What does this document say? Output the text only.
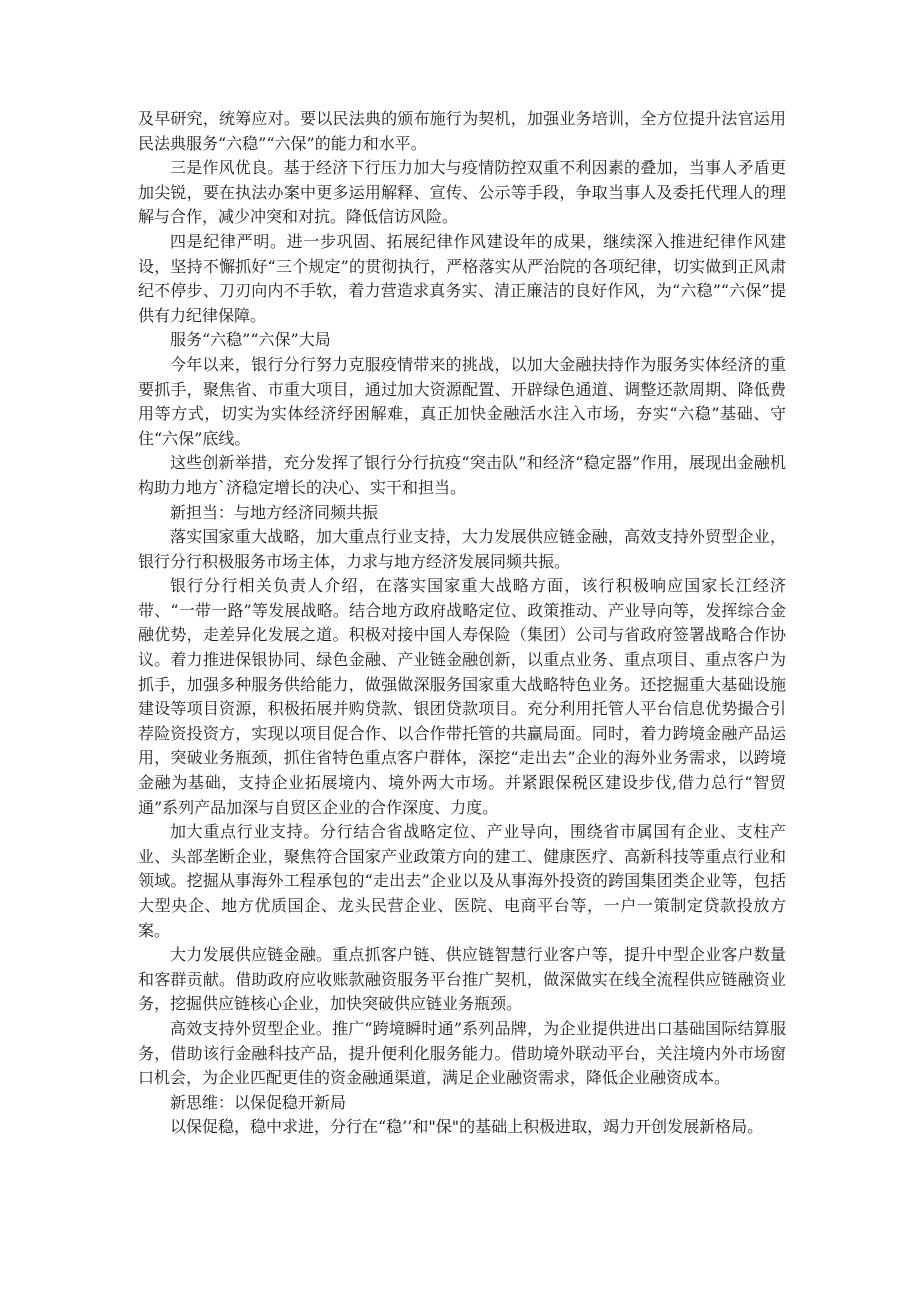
及早研究，统筹应对。要以民法典的颁布施行为契机，加强业务培训，全方位提升法官运用民法典服务“六稳”“六保”的能力和水平。

三是作风优良。基于经济下行压力加大与疫情防控双重不利因素的叠加，当事人矛盾更加尖锐，要在执法办案中更多运用解释、宣传、公示等手段，争取当事人及委托代理人的理解与合作，减少冲突和对抗。降低信访风险。

四是纪律严明。进一步巩固、拓展纪律作风建设年的成果，继续深入推进纪律作风建设，坚持不懈抓好“三个规定”的贯彻执行，严格落实从严治院的各项纪律，切实做到正风肃纪不停步、刀刃向内不手软，着力营造求真务实、清正廉洁的良好作风，为“六稳”“六保”提供有力纪律保障。

服务“六稳”“六保”大局

今年以来，银行分行努力克服疫情带来的挑战，以加大金融扶持作为服务实体经济的重要抓手，聚焦省、市重大项目，通过加大资源配置、开辟绿色通道、调整还款周期、降低费用等方式，切实为实体经济纾困解难，真正加快金融活水注入市场，夯实“六稳”基础、守住“六保”底线。

这些创新举措，充分发挥了银行分行抗疫“突击队”和经济“稳定器”作用，展现出金融机构助力地方`济稳定增长的决心、实干和担当。

新担当：与地方经济同频共振

落实国家重大战略，加大重点行业支持，大力发展供应链金融，高效支持外贸型企业，银行分行积极服务市场主体，力求与地方经济发展同频共振。

银行分行相关负责人介绍，在落实国家重大战略方面，该行积极响应国家长江经济带、“一带一路”等发展战略。结合地方政府战略定位、政策推动、产业导向等，发挥综合金融优势，走差异化发展之道。积极对接中国人寿保险（集团）公司与省政府签署战略合作协议。着力推进保银协同、绿色金融、产业链金融创新，以重点业务、重点项目、重点客户为抓手，加强多种服务供给能力，做强做深服务国家重大战略特色业务。还挖掘重大基础设施建设等项目资源，积极拓展并购贷款、银团贷款项目。充分利用托管人平台信息优势撮合引荐险资投资方，实现以项目促合作、以合作带托管的共赢局面。同时，着力跨境金融产品运用，突破业务瓶颈，抓住省特色重点客户群体，深挖“走出去”企业的海外业务需求，以跨境金融为基础，支持企业拓展境内、境外两大市场。并紧跟保税区建设步伐,借力总行“智贸通”系列产品加深与自贸区企业的合作深度、力度。

加大重点行业支持。分行结合省战略定位、产业导向，围绕省市属国有企业、支柱产业、头部垄断企业，聚焦符合国家产业政策方向的建工、健康医疗、高新科技等重点行业和领域。挖掘从事海外工程承包的“走出去”企业以及从事海外投资的跨国集团类企业等，包括大型央企、地方优质国企、龙头民营企业、医院、电商平台等，一户一策制定贷款投放方案。

大力发展供应链金融。重点抓客户链、供应链智慧行业客户等，提升中型企业客户数量和客群贡献。借助政府应收账款融资服务平台推广契机，做深做实在线全流程供应链融资业务，挖掘供应链核心企业，加快突破供应链业务瓶颈。

高效支持外贸型企业。推广“跨境瞬时通”系列品牌，为企业提供进出口基础国际结算服务，借助该行金融科技产品，提升便利化服务能力。借助境外联动平台，关注境内外市场窗口机会，为企业匹配更佳的资金融通渠道，满足企业融资需求，降低企业融资成本。

新思维：以保促稳开新局

以保促稳，稳中求进，分行在“稳’’和"保"的基础上积极进取，竭力开创发展新格局。
